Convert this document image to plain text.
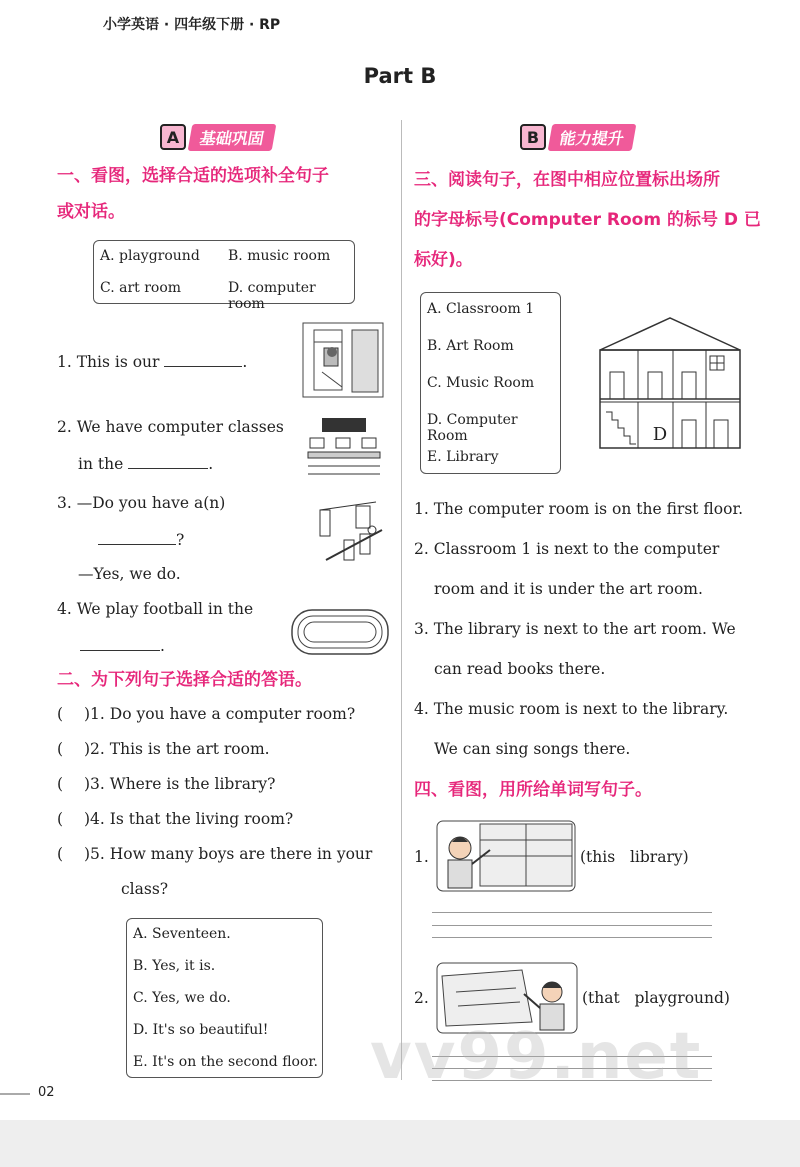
小学英语 · 四年级下册 · RP
Part B
A	基础巩固
一、看图，选择合适的选项补全句子
或对话。
A. playground B. music room
C. art room	D. computer room
1. This is our	.
2. We have computer classes
in the	.
3. —Do you have a(n)
?
—Yes, we do.
4. We play football in the
.
二、为下列句子选择合适的答语。
( )1. Do you have a computer room?
( )2. This is the art room.
( )3. Where is the library?
( )4. Is that the living room?
( )5. How many boys are there in your
class?
A. Seventeen.
B. Yes, it is.
C. Yes, we do.
D. It's so beautiful!
E. It's on the second floor.
02
B	能力提升
三、阅读句子，在图中相应位置标出场所
的字母标号(Computer Room 的标号 D 已
标好)。
A. Classroom 1
B. Art Room
C. Music Room
D. Computer Room
E. Library
D
1. The computer room is on the first floor.
2. Classroom 1 is next to the computer
room and it is under the art room.
3. The library is next to the art room. We
can read books there.
4. The music room is next to the library.
We can sing songs there.
四、看图，用所给单词写句子。
1.	(this   library)
2.	(that   playground)
vv99.net
